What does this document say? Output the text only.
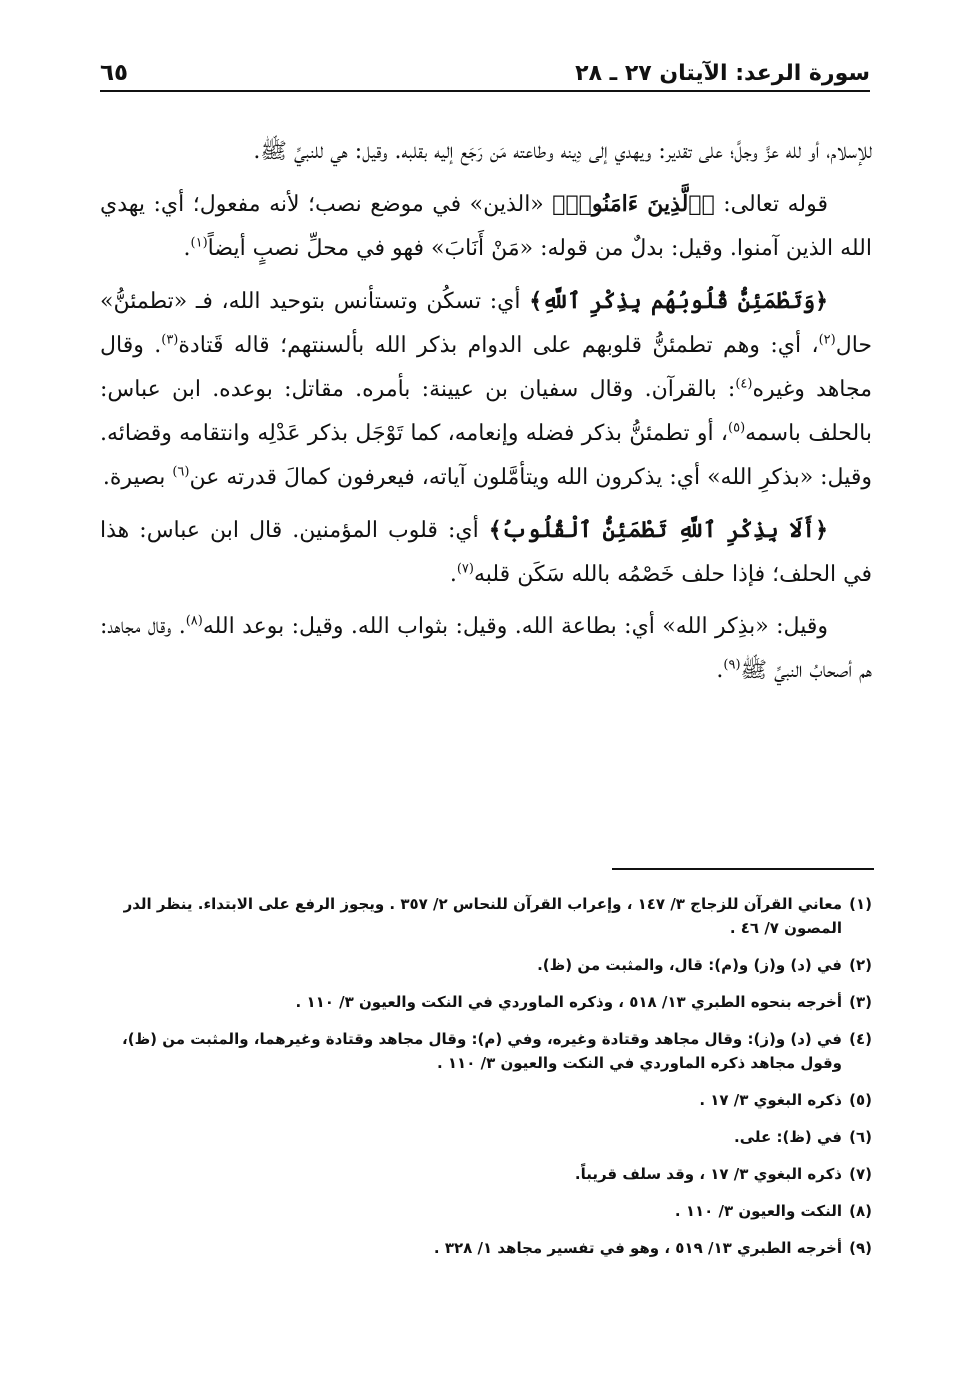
سورة الرعد: الآيتان ٢٧ ـ ٢٨
٦٥

للإسلام، أو لله عزَّ وجلَّ؛ على تقدير: ويهدي إلى دِينه وطاعته مَن رَجَع إليه بقلبه. وقيل: هي للنبيِّ ﷺ.

قوله تعالى: ﴿ٱلَّذِينَ ءَامَنُوا۟﴾ «الذين» في موضع نصب؛ لأنه مفعول؛ أي: يهدي الله الذين آمنوا. وقيل: بدلٌ من قوله: «مَنْ أَنَابَ» فهو في محلِّ نصبٍ أيضاً$^{(١)}$.

﴿وَتَطْمَئِنُّ قُلُوبُهُم بِذِكْرِ ٱللَّهِ﴾ أي: تسكُن وتستأنس بتوحيد الله، فـ «تطمئنُّ» حال$^{(٢)}$، أي: وهم تطمئنُّ قلوبهم على الدوام بذكر الله بألسنتهم؛ قاله قَتادة$^{(٣)}$. وقال مجاهد وغيره$^{(٤)}$: بالقرآن. وقال سفيان بن عيينة: بأمره. مقاتل: بوعده. ابن عباس: بالحلف باسمه$^{(٥)}$، أو تطمئنُّ بذكر فضله وإنعامه، كما تَوْجَل بذكر عَدْلِه وانتقامه وقضائه. وقيل: «بذكرِ الله» أي: يذكرون الله ويتأمَّلون آياته، فيعرفون كمالَ قدرته عن$^{(٦)}$ بصيرة.

﴿أَلَا بِذِكْرِ ٱللَّهِ تَطْمَئِنُّ ٱلْقُلُوبُ﴾ أي: قلوب المؤمنين. قال ابن عباس: هذا في الحلف؛ فإذا حلف خَصْمُه بالله سَكَن قلبه$^{(٧)}$.

وقيل: «بذِكر الله» أي: بطاعة الله. وقيل: بثواب الله. وقيل: بوعد الله$^{(٨)}$. وقال مجاهد: هم أصحابُ النبيِّ ﷺ$^{(٩)}$.

(١)
معاني القرآن للزجاج ٣/ ١٤٧ ، وإعراب القرآن للنحاس ٢/ ٣٥٧ . ويجوز الرفع على الابتداء. ينظر الدر المصون ٧/ ٤٦ .
(٢)
في (د) و(ز) و(م): قال، والمثبت من (ظ).
(٣)
أخرجه بنحوه الطبري ١٣/ ٥١٨ ، وذكره الماوردي في النكت والعيون ٣/ ١١٠ .
(٤)
في (د) و(ز): وقال مجاهد وقتادة وغيره، وفي (م): وقال مجاهد وقتادة وغيرهما، والمثبت من (ظ)، وقول مجاهد ذكره الماوردي في النكت والعيون ٣/ ١١٠ .
(٥)
ذكره البغوي ٣/ ١٧ .
(٦)
في (ظ): على.
(٧)
ذكره البغوي ٣/ ١٧ ، وقد سلف قريباً.
(٨)
النكت والعيون ٣/ ١١٠ .
(٩)
أخرجه الطبري ١٣/ ٥١٩ ، وهو في تفسير مجاهد ١/ ٣٢٨ .
